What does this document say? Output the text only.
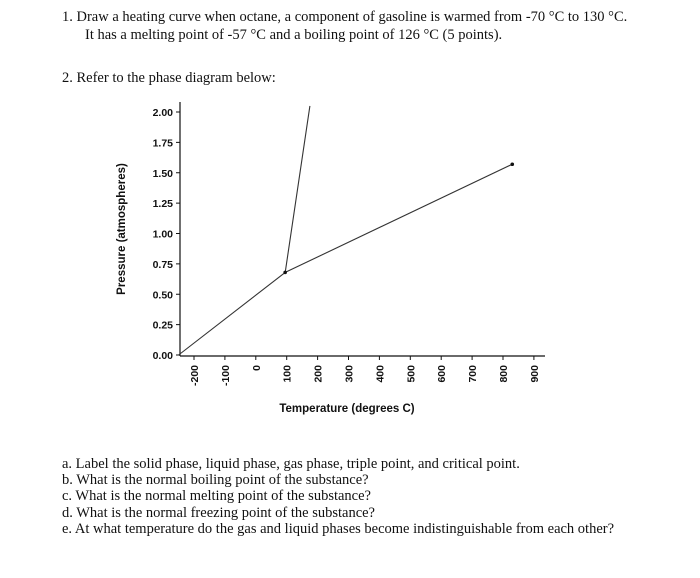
1. Draw a heating curve when octane, a component of gasoline is warmed from -70 °C to 130 °C.
It has a melting point of -57 °C and a boiling point of 126 °C (5 points).
2. Refer to the phase diagram below:
0.00
0.25
0.50
0.75
1.00
1.25
1.50
1.75
2.00
-200 -100 0 100 200 300 400 500 600 700 800 900
Temperature (degrees C)
Pressure (atmospheres)
a. Label the solid phase, liquid phase, gas phase, triple point, and critical point.
b. What is the normal boiling point of the substance?
c. What is the normal melting point of the substance?
d. What is the normal freezing point of the substance?
e. At what temperature do the gas and liquid phases become indistinguishable from each other?
